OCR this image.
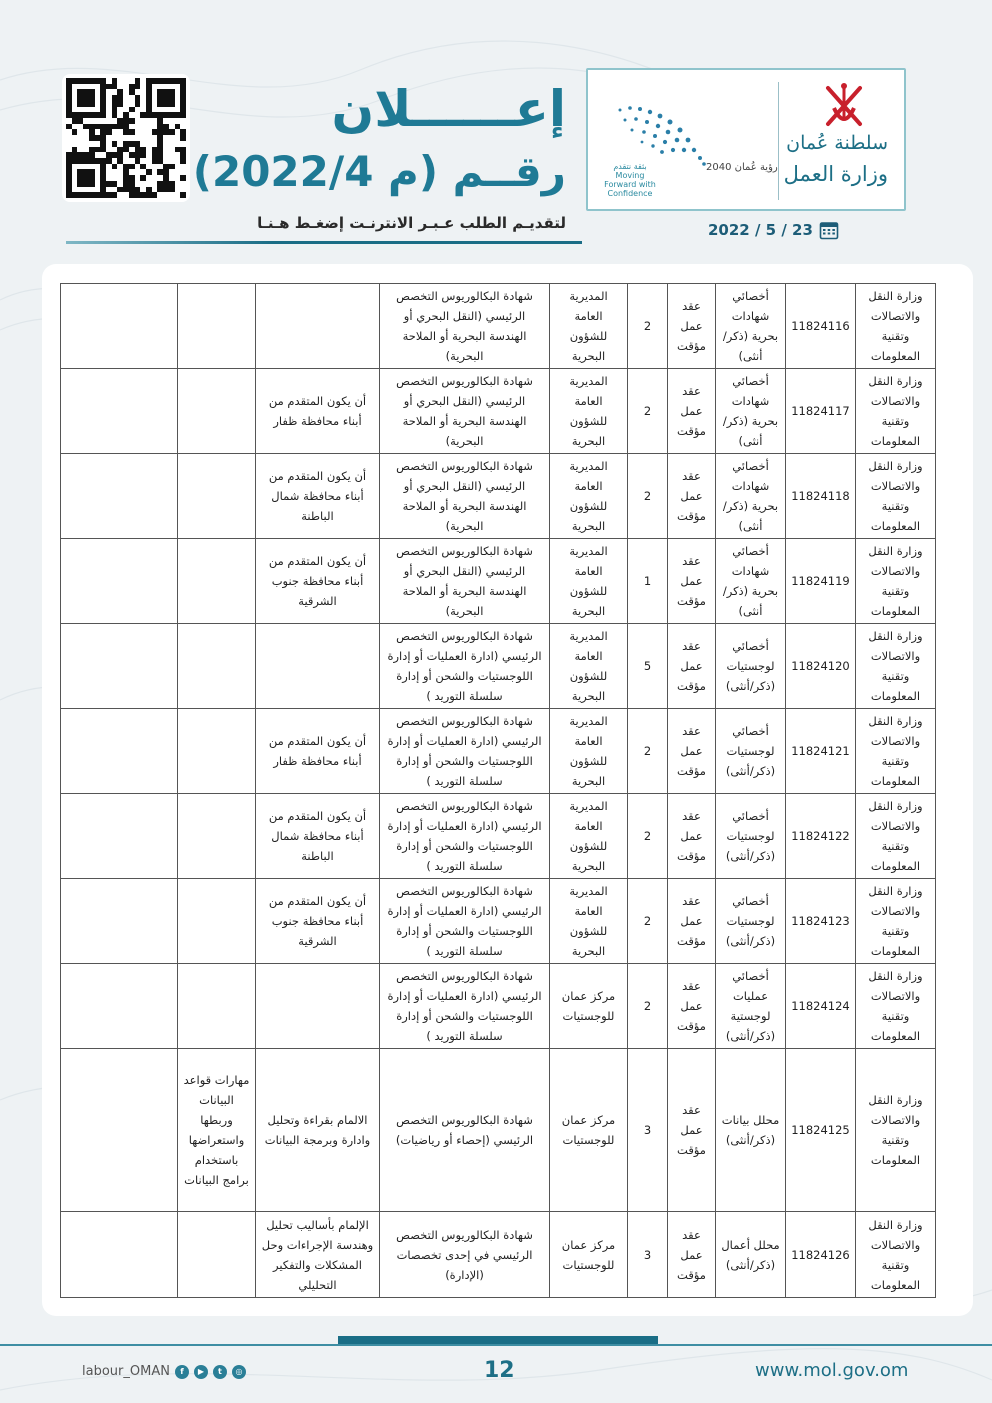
إعــــــلان
رقــم (م 2022/4)
لتقديـم الطلب عـبـر الانترنـت إضغـط هـنـا
رؤية عُمان 2040
بثقة نتقدم Moving Forward with Confidence
سلطنة عُمان
وزارة العمل
2022 / 5 / 23
وزارة النقل والاتصالات وتقنية المعلومات	11824116	أخصائي شهادات بحرية (ذكر/ أنثى)	عقد عمل مؤقت	2	المديرية العامة للشؤون البحرية	شهادة البكالوريوس التخصص الرئيسي (النقل البحري أو الهندسة البحرية أو الملاحة البحرية)			
وزارة النقل والاتصالات وتقنية المعلومات	11824117	أخصائي شهادات بحرية (ذكر/ أنثى)	عقد عمل مؤقت	2	المديرية العامة للشؤون البحرية	شهادة البكالوريوس التخصص الرئيسي (النقل البحري أو الهندسة البحرية أو الملاحة البحرية)	أن يكون المتقدم من أبناء محافظة ظفار		
وزارة النقل والاتصالات وتقنية المعلومات	11824118	أخصائي شهادات بحرية (ذكر/ أنثى)	عقد عمل مؤقت	2	المديرية العامة للشؤون البحرية	شهادة البكالوريوس التخصص الرئيسي (النقل البحري أو الهندسة البحرية أو الملاحة البحرية)	أن يكون المتقدم من أبناء محافظة شمال الباطنة		
وزارة النقل والاتصالات وتقنية المعلومات	11824119	أخصائي شهادات بحرية (ذكر/ أنثى)	عقد عمل مؤقت	1	المديرية العامة للشؤون البحرية	شهادة البكالوريوس التخصص الرئيسي (النقل البحري أو الهندسة البحرية أو الملاحة البحرية)	أن يكون المتقدم من أبناء محافظة جنوب الشرقية		
وزارة النقل والاتصالات وتقنية المعلومات	11824120	أخصائي لوجستيات (ذكر/أنثى)	عقد عمل مؤقت	5	المديرية العامة للشؤون البحرية	شهادة البكالوريوس التخصص الرئيسي (ادارة العمليات أو إدارة اللوجستيات والشحن أو إدارة سلسلة التوريد )			
وزارة النقل والاتصالات وتقنية المعلومات	11824121	أخصائي لوجستيات (ذكر/أنثى)	عقد عمل مؤقت	2	المديرية العامة للشؤون البحرية	شهادة البكالوريوس التخصص الرئيسي (ادارة العمليات أو إدارة اللوجستيات والشحن أو إدارة سلسلة التوريد )	أن يكون المتقدم من أبناء محافظة ظفار		
وزارة النقل والاتصالات وتقنية المعلومات	11824122	أخصائي لوجستيات (ذكر/أنثى)	عقد عمل مؤقت	2	المديرية العامة للشؤون البحرية	شهادة البكالوريوس التخصص الرئيسي (ادارة العمليات أو إدارة اللوجستيات والشحن أو إدارة سلسلة التوريد )	أن يكون المتقدم من أبناء محافظة شمال الباطنة		
وزارة النقل والاتصالات وتقنية المعلومات	11824123	أخصائي لوجستيات (ذكر/أنثى)	عقد عمل مؤقت	2	المديرية العامة للشؤون البحرية	شهادة البكالوريوس التخصص الرئيسي (ادارة العمليات أو إدارة اللوجستيات والشحن أو إدارة سلسلة التوريد )	أن يكون المتقدم من أبناء محافظة جنوب الشرقية		
وزارة النقل والاتصالات وتقنية المعلومات	11824124	أخصائي عمليات لوجستية (ذكر/أنثى)	عقد عمل مؤقت	2	مركز عمان للوجستيات	شهادة البكالوريوس التخصص الرئيسي (ادارة العمليات أو إدارة اللوجستيات والشحن أو إدارة سلسلة التوريد )			
وزارة النقل والاتصالات وتقنية المعلومات	11824125	محلل بيانات (ذكر/أنثى)	عقد عمل مؤقت	3	مركز عمان للوجستيات	شهادة البكالوريوس التخصص الرئيسي (إحصاء أو رياضيات)	الالمام بقراءة وتحليل وادارة وبرمجة البيانات	مهارات قواعد البيانات وربطها واستعراضها باستخدام برامج البيانات	
وزارة النقل والاتصالات وتقنية المعلومات	11824126	محلل أعمال (ذكر/أنثى)	عقد عمل مؤقت	3	مركز عمان للوجستيات	شهادة البكالوريوس التخصص الرئيسي في إحدى تخصصات (الإدارة)	الإلمام بأساليب تحليل وهندسة الإجراءات وحل المشكلات والتفكير التحليلي		
labour_OMAN	f	▶	t	◎	12	www.mol.gov.om
